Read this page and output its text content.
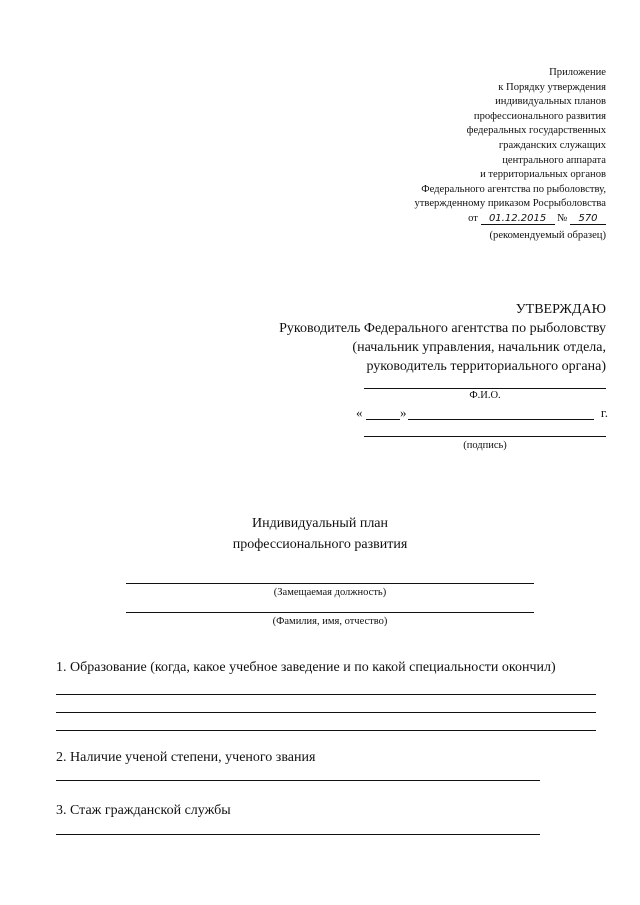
Приложение
к Порядку утверждения
индивидуальных планов
профессионального развития
федеральных государственных
гражданских служащих
центрального аппарата
и территориальных органов
Федерального агентства по рыболовству,
утвержденному приказом Росрыболовства
от 01.12.2015 № 570
(рекомендуемый образец)
УТВЕРЖДАЮ
Руководитель Федерального агентства по рыболовству
(начальник управления, начальник отдела,
руководитель территориального органа)
Ф.И.О.
«	»	г.
(подпись)
Индивидуальный план
профессионального развития
(Замещаемая должность)
(Фамилия, имя, отчество)
1. Образование (когда, какое учебное заведение и по какой специальности окончил)
2. Наличие ученой степени, ученого звания
3. Стаж гражданской службы
